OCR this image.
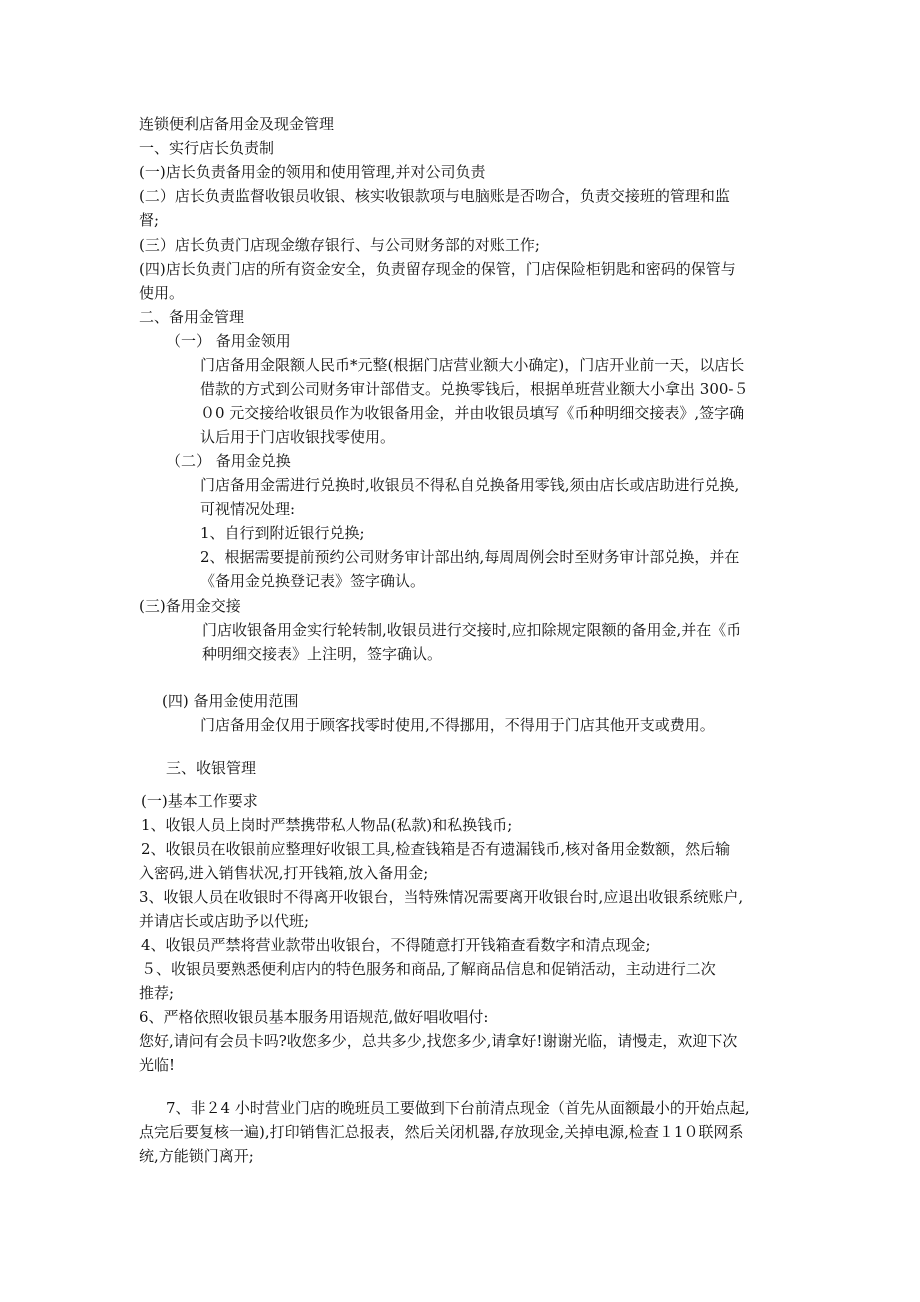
连锁便利店备用金及现金管理

一、实行店长负责制

(一)店长负责备用金的领用和使用管理,并对公司负责

(二）店长负责监督收银员收银、核实收银款项与电脑账是否吻合，负责交接班的管理和监

督;

(三）店长负责门店现金缴存银行、与公司财务部的对账工作;

(四)店长负责门店的所有资金安全，负责留存现金的保管，门店保险柜钥匙和密码的保管与

使用。

二、备用金管理

（一） 备用金领用

门店备用金限额人民币*元整(根据门店营业额大小确定)，门店开业前一天，以店长

借款的方式到公司财务审计部借支。兑换零钱后，根据单班营业额大小拿出 300-５

０0 元交接给收银员作为收银备用金，并由收银员填写《币种明细交接表》,签字确

认后用于门店收银找零使用。

（二） 备用金兑换

门店备用金需进行兑换时,收银员不得私自兑换备用零钱,须由店长或店助进行兑换,

可视情况处理:

1、自行到附近银行兑换;

2、根据需要提前预约公司财务审计部出纳,每周周例会时至财务审计部兑换，并在

《备用金兑换登记表》签字确认。

(三)备用金交接

门店收银备用金实行轮转制,收银员进行交接时,应扣除规定限额的备用金,并在《币

种明细交接表》上注明，签字确认。

(四) 备用金使用范围

门店备用金仅用于顾客找零时使用,不得挪用，不得用于门店其他开支或费用。

三、收银管理

(一)基本工作要求

1、收银人员上岗时严禁携带私人物品(私款)和私换钱币;

2、收银员在收银前应整理好收银工具,检查钱箱是否有遗漏钱币,核对备用金数额，然后输

入密码,进入销售状况,打开钱箱,放入备用金;

3、收银人员在收银时不得离开收银台，当特殊情况需要离开收银台时,应退出收银系统账户,

并请店长或店助予以代班;

4、收银员严禁将营业款带出收银台，不得随意打开钱箱查看数字和清点现金;

５、收银员要熟悉便利店内的特色服务和商品,了解商品信息和促销活动，主动进行二次

推荐;

6、严格依照收银员基本服务用语规范,做好唱收唱付:

您好,请问有会员卡吗?收您多少，总共多少,找您多少,请拿好!谢谢光临，请慢走，欢迎下次

光临!

7、非２4 小时营业门店的晚班员工要做到下台前清点现金（首先从面额最小的开始点起,

点完后要复核一遍),打印销售汇总报表，然后关闭机器,存放现金,关掉电源,检查１1０联网系

统,方能锁门离开;
